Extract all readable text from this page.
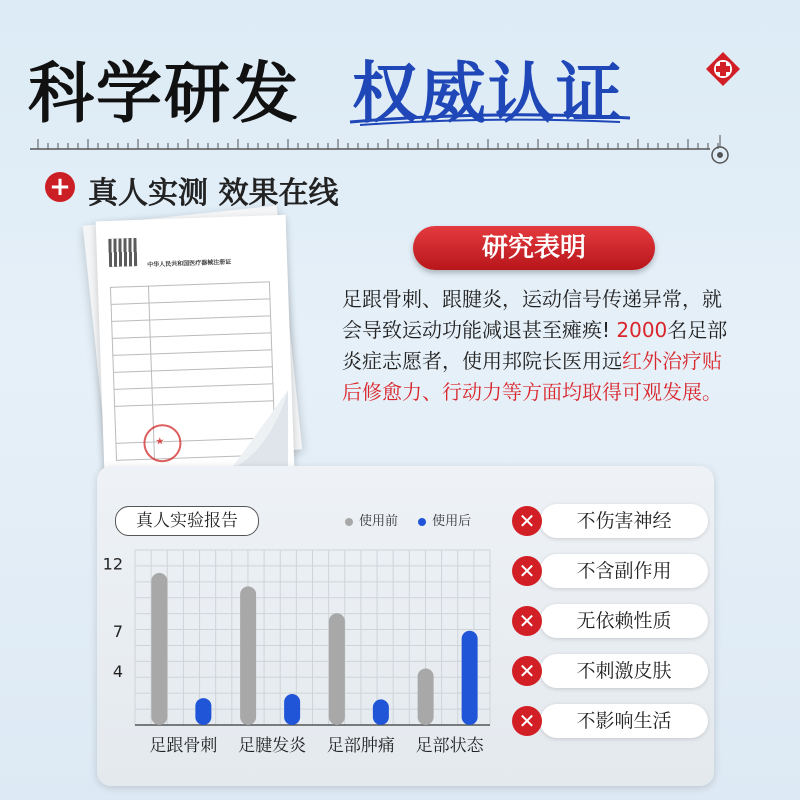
科学研发 权威认证
+ 真人实测 效果在线
中华人民共和国医疗器械注册证

★
研究表明
足跟骨刺、跟腱炎，运动信号传递异常，就会导致运动功能减退甚至瘫痪! 2000名足部炎症志愿者，使用邦院长医用远红外治疗贴后修愈力、行动力等方面均取得可观发展。
真人实验报告	使用前	使用后
12
7
4
足跟骨刺 足腱发炎 足部肿痛 足部状态
不伤害神经
✕
不含副作用
✕
无依赖性质
✕
不刺激皮肤
✕
不影响生活
✕
